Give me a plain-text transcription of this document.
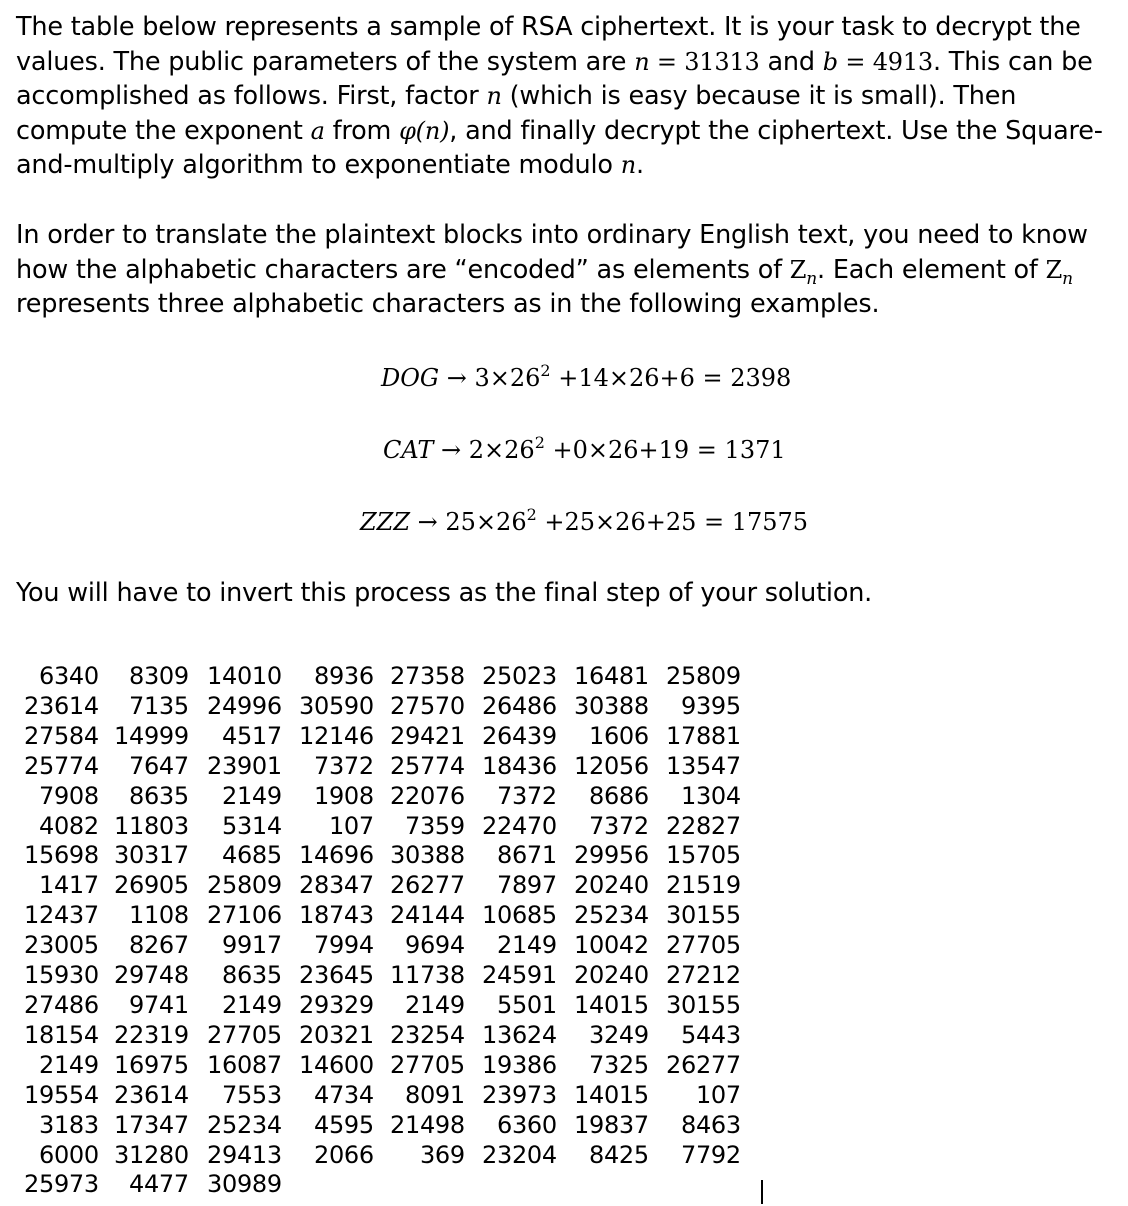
The table below represents a sample of RSA ciphertext. It is your task to decrypt the values. The public parameters of the system are n = 31313 and b = 4913. This can be accomplished as follows. First, factor n (which is easy because it is small). Then compute the exponent a from φ(n), and finally decrypt the ciphertext. Use the Square-and-multiply algorithm to exponentiate modulo n.
In order to translate the plaintext blocks into ordinary English text, you need to know how the alphabetic characters are “encoded” as elements of $Z_n$. Each element of $Z_n$ represents three alphabetic characters as in the following examples.
DOG → $3\times 26^2 +14\times 26+6 = 2398$
CAT → $2\times 26^2 +0\times 26+19 = 1371$
ZZZ → $25\times 26^2 +25\times 26+25 = 17575$
You will have to invert this process as the final step of your solution.
6340	8309	14010	8936	27358	25023	16481	25809
23614	7135	24996	30590	27570	26486	30388	9395
27584	14999	4517	12146	29421	26439	1606	17881
25774	7647	23901	7372	25774	18436	12056	13547
7908	8635	2149	1908	22076	7372	8686	1304
4082	11803	5314	107	7359	22470	7372	22827
15698	30317	4685	14696	30388	8671	29956	15705
1417	26905	25809	28347	26277	7897	20240	21519
12437	1108	27106	18743	24144	10685	25234	30155
23005	8267	9917	7994	9694	2149	10042	27705
15930	29748	8635	23645	11738	24591	20240	27212
27486	9741	2149	29329	2149	5501	14015	30155
18154	22319	27705	20321	23254	13624	3249	5443
2149	16975	16087	14600	27705	19386	7325	26277
19554	23614	7553	4734	8091	23973	14015	107
3183	17347	25234	4595	21498	6360	19837	8463
6000	31280	29413	2066	369	23204	8425	7792
25973	4477	30989					
